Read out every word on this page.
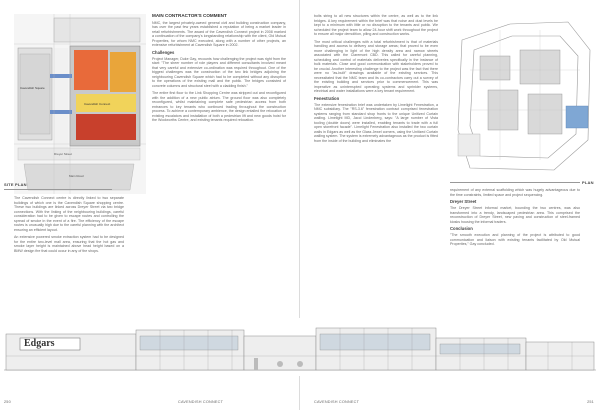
Dreyer Street
Cavendish Square
Cavendish Connect
Main Road
SITE PLAN

The Cavendish Connect centre is directly linked to two separate buildings of which one is the Cavendish Square shopping centre. These two buildings are linked across Dreyer Street via two bridge connections. With the linking of the neighbouring buildings, careful consideration had to be given to escape routes and controlling the spread of smoke in the event of a fire. The efficiency of the escape routes is unusually high due to the careful planning with the architect ensuring an efficient layout.

An extensive powered smoke extraction system had to be designed for the entire two-level mall area, ensuring that the hot gas and smoke layer height is maintained above head height based on a BMW design fire that could occur in any of the shops.

MAIN CONTRACTOR'S COMMENT

NMC, the largest privately-owned general civil and building construction company, has over the past few years established a reputation of being a market leader in retail refurbishments. The award of the Cavendish Connect project in 2008 marked a continuation of the company's longstanding relationship with the client, Old Mutual Properties, for whom NMC executed, along with a number of other projects, an extensive refurbishment at Cavendish Square in 2002.

Challenges

Project Manager, Duke Gay, recounts how challenging the project was right from the start: "The sheer number of role players and different consultants involved meant that very careful and extensive co-ordination was required throughout. One of the biggest challenges was the construction of the two link bridges adjoining the neighbouring Cavendish Square which had to be completed without any disruption to the operations of the existing mall and the public. The bridges consisted of concrete columns and structural steel with a cladding finish."

The entire first floor to the Link Shopping Centre was stripped out and reconfigured with the addition of a new public atrium. The ground floor was also completely reconfigured, whilst maintaining complete safe pedestrian access from both entrances to key tenants who continued trading throughout the construction process. To achieve a contemporary ambience, the design entailed the relocation of existing escalators and installation of both a pedestrian lift and new goods hoist for the Woolworths Centre, and existing tenants required relocation.

250	CAVENDISH CONNECT

bolts string to all new structures within the centre, as well as to the link bridges. A key requirement within the brief was that noise and dust levels be kept to a minimum with little or no disruption to the tenants and public. We scheduled the project team to allow 24-hour shift work throughout the project to ensure all major demolition, piling and construction works.

The most critical challenges with a total refurbishment is that of materials handling and access to delivery and storage areas; that proved to be even more challenging in light of the high density area and narrow streets associated with the Claremont CBD. This called for careful planning, scheduling and control of materials deliveries specifically in the instance of bulk materials. Close and good communication with stakeholders proved to be crucial. Another interesting challenge to the project was the fact that there were no "as-built" drawings available of the existing services. This necessitated that the NMC team and its co-contractors carry out a survey of the existing building and services prior to commencement. This was imperative as uninterrupted operating systems and sprinkler systems, electrical and water installations were a key tenant requirement.

Fenestration

The extensive fenestration brief was undertaken by Limelight Fenestration, a NMC subsidiary. The "RS-3.6" fenestration contract comprised fenestration systems ranging from standard shop fronts to the unique Unitized Curtain walling. Limelight MD, Jacci Lindenberg, says: "A large number of Vista tooling (double doors) were installed, enabling tenants to trade with a full open storefront facade". Limelight Fenestration also installed the two curtain walls in Edgars as well as the Glass Jewel corners, using the Unitized Curtain walling system. The system is extremely advantageous as the product is fitted from the inside of the building and eliminates the

PLAN

requirement of any external scaffolding which was hugely advantageous due to the time constraints, limited space and project sequencing.

Dreyer Street

The Dreyer Street informal market, bounding the two centres, was also transformed into a trendy, landscaped pedestrian area. This comprised the reconstruction of Dreyer Street, new paving and construction of steel-framed kiosks housing the informal traders.

Conclusion

"The smooth execution and planning of the project is attributed to good communication and liaison with existing tenants facilitated by Old Mutual Properties," Gay concluded.

CAVENDISH CONNECT	251
Edgars
